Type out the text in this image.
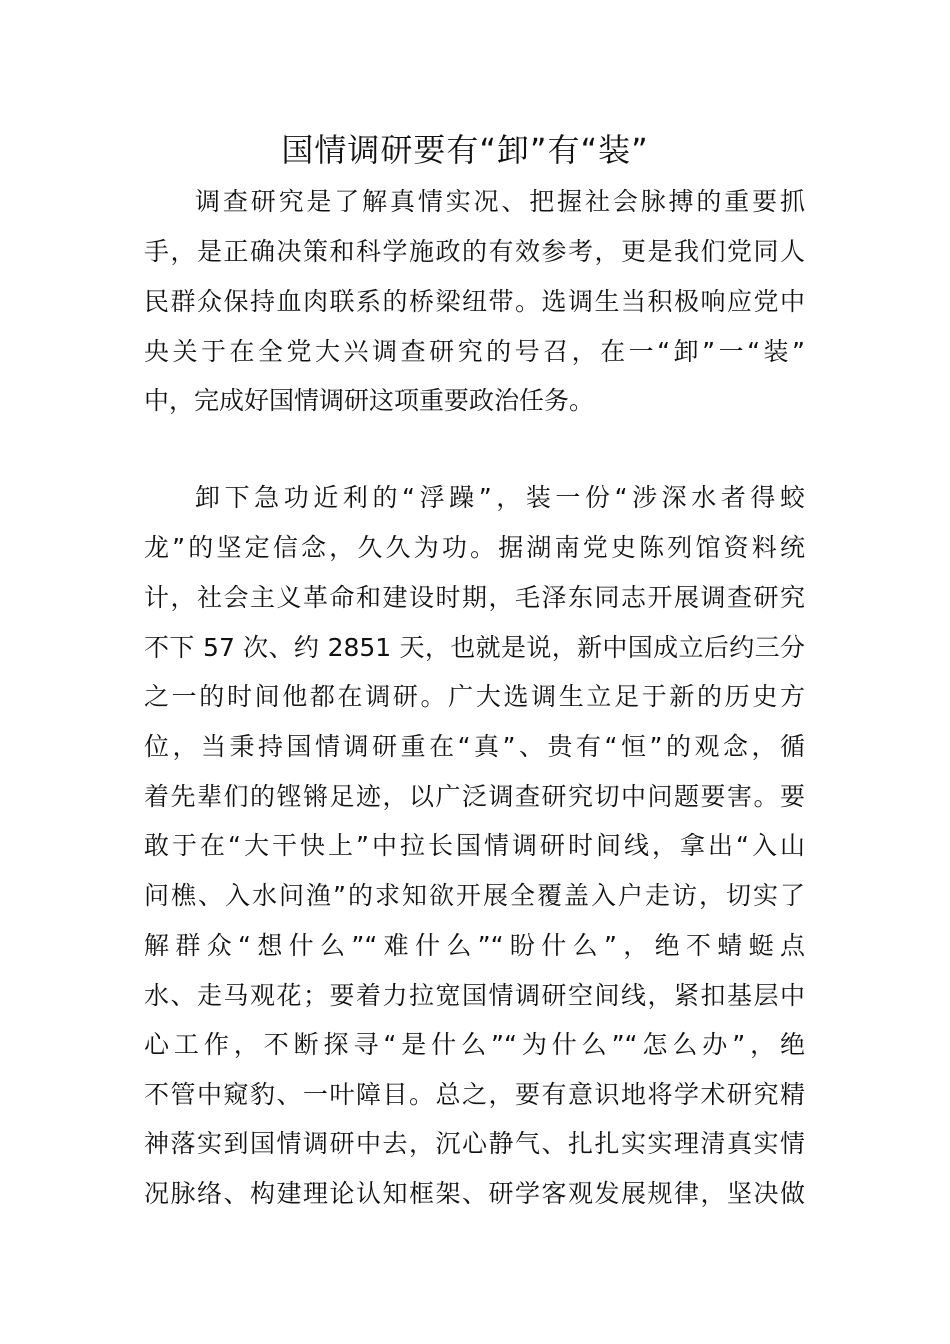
国情调研要有“卸”有“装”
调查研究是了解真情实况、把握社会脉搏的重要抓
手，是正确决策和科学施政的有效参考，更是我们党同人
民群众保持血肉联系的桥梁纽带。选调生当积极响应党中
央关于在全党大兴调查研究的号召，在一“卸”一“装”
中，完成好国情调研这项重要政治任务。
卸下急功近利的“浮躁”，装一份“涉深水者得蛟
龙”的坚定信念，久久为功。据湖南党史陈列馆资料统
计，社会主义革命和建设时期，毛泽东同志开展调查研究
不下 57 次、约 2851 天，也就是说，新中国成立后约三分
之一的时间他都在调研。广大选调生立足于新的历史方
位，当秉持国情调研重在“真”、贵有“恒”的观念，循
着先辈们的铿锵足迹，以广泛调查研究切中问题要害。要
敢于在“大干快上”中拉长国情调研时间线，拿出“入山
问樵、入水问渔”的求知欲开展全覆盖入户走访，切实了
解群众“想什么”“难什么”“盼什么”，绝不蜻蜓点
水、走马观花；要着力拉宽国情调研空间线，紧扣基层中
心工作，不断探寻“是什么”“为什么”“怎么办”，绝
不管中窥豹、一叶障目。总之，要有意识地将学术研究精
神落实到国情调研中去，沉心静气、扎扎实实理清真实情
况脉络、构建理论认知框架、研学客观发展规律，坚决做
